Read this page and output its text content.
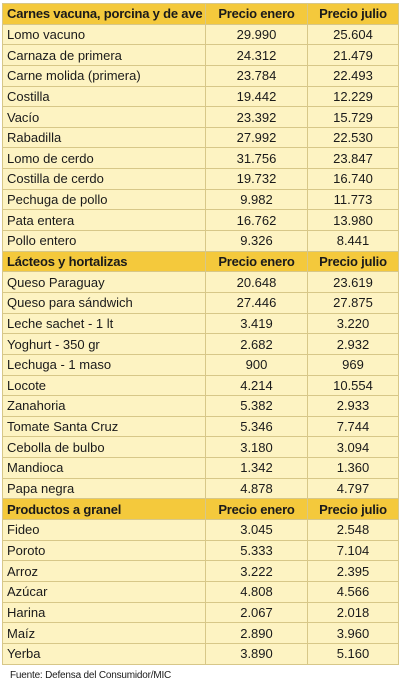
Carnes vacuna, porcina y de ave	Precio enero	Precio julio
Lomo vacuno	29.990	25.604
Carnaza de primera	24.312	21.479
Carne molida (primera)	23.784	22.493
Costilla	19.442	12.229
Vacío	23.392	15.729
Rabadilla	27.992	22.530
Lomo de cerdo	31.756	23.847
Costilla de cerdo	19.732	16.740
Pechuga de pollo	9.982	11.773
Pata entera	16.762	13.980
Pollo entero	9.326	8.441
Lácteos y hortalizas	Precio enero	Precio julio
Queso Paraguay	20.648	23.619
Queso para sándwich	27.446	27.875
Leche sachet - 1 lt	3.419	3.220
Yoghurt - 350 gr	2.682	2.932
Lechuga - 1 maso	900	969
Locote	4.214	10.554
Zanahoria	5.382	2.933
Tomate Santa Cruz	5.346	7.744
Cebolla de bulbo	3.180	3.094
Mandioca	1.342	1.360
Papa negra	4.878	4.797
Productos a granel	Precio enero	Precio julio
Fideo	3.045	2.548
Poroto	5.333	7.104
Arroz	3.222	2.395
Azúcar	4.808	4.566
Harina	2.067	2.018
Maíz	2.890	3.960
Yerba	3.890	5.160
Fuente: Defensa del Consumidor/MIC
